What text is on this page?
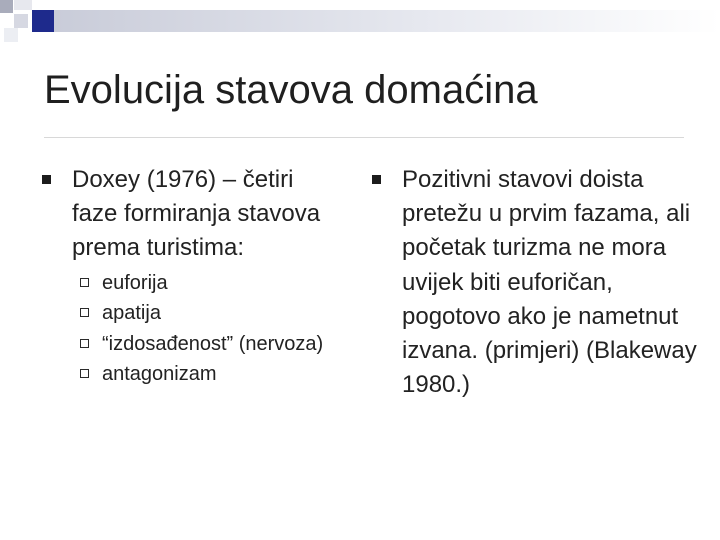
Evolucija stavova domaćina
Doxey (1976) – četiri faze formiranja stavova prema turistima:
euforija
apatija
“izdosađenost” (nervoza)
antagonizam
Pozitivni stavovi doista pretežu u prvim fazama, ali početak turizma ne mora uvijek biti euforičan, pogotovo ako je nametnut izvana. (primjeri) (Blakeway 1980.)
